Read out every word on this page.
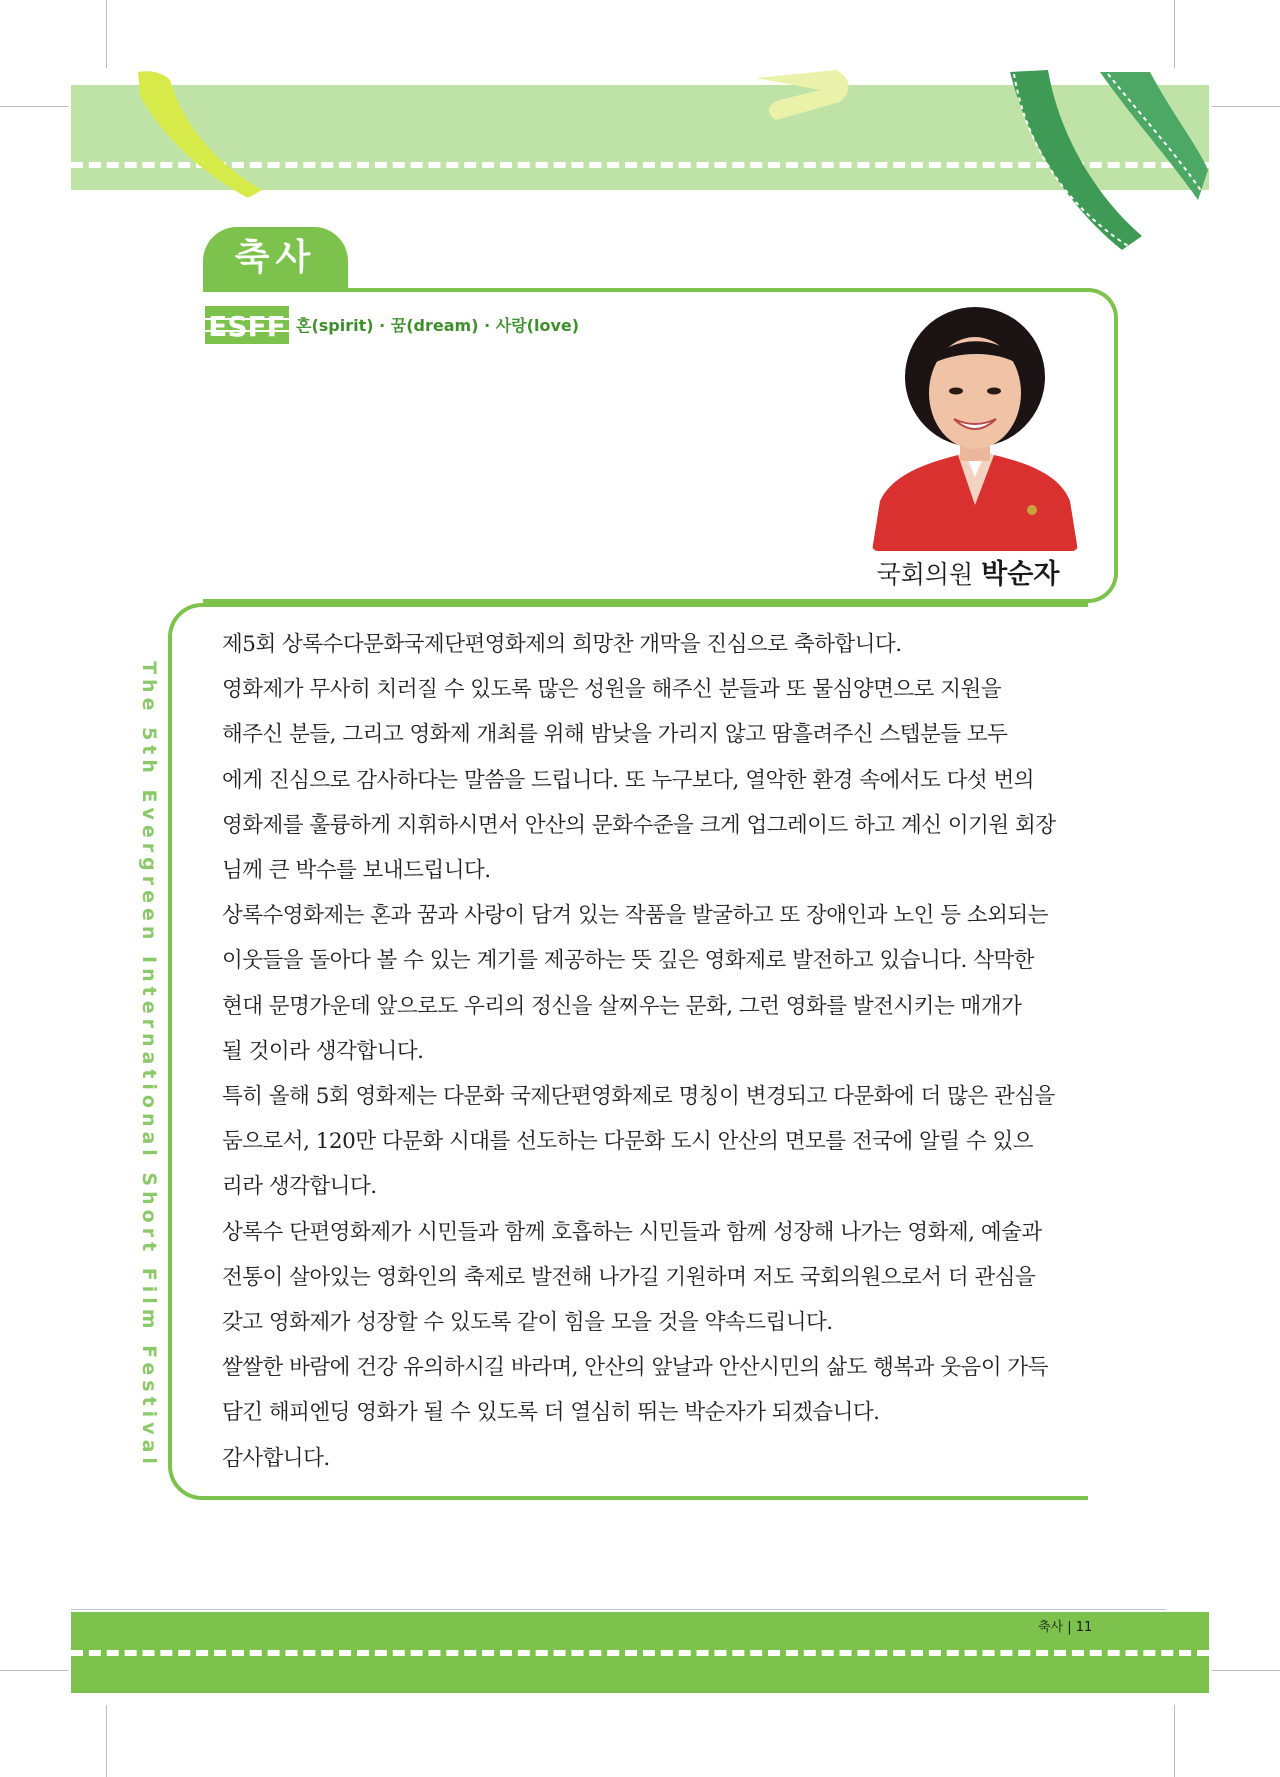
축사
ESFF 혼(spirit) · 꿈(dream) · 사랑(love)
국회의원 박순자

제5회 상록수다문화국제단편영화제의 희망찬 개막을 진심으로 축하합니다.

영화제가 무사히 치러질 수 있도록 많은 성원을 해주신 분들과 또 물심양면으로 지원을

해주신 분들, 그리고 영화제 개최를 위해 밤낮을 가리지 않고 땀흘려주신 스텝분들 모두

에게 진심으로 감사하다는 말씀을 드립니다. 또 누구보다, 열악한 환경 속에서도 다섯 번의

영화제를 훌륭하게 지휘하시면서 안산의 문화수준을 크게 업그레이드 하고 계신 이기원 회장

님께 큰 박수를 보내드립니다.

상록수영화제는 혼과 꿈과 사랑이 담겨 있는 작품을 발굴하고 또 장애인과 노인 등 소외되는

이웃들을 돌아다 볼 수 있는 계기를 제공하는 뜻 깊은 영화제로 발전하고 있습니다. 삭막한

현대 문명가운데 앞으로도 우리의 정신을 살찌우는 문화, 그런 영화를 발전시키는 매개가

될 것이라 생각합니다.

특히 올해 5회 영화제는 다문화 국제단편영화제로 명칭이 변경되고 다문화에 더 많은 관심을

둠으로서, 120만 다문화 시대를 선도하는 다문화 도시 안산의 면모를 전국에 알릴 수 있으

리라 생각합니다.

상록수 단편영화제가 시민들과 함께 호흡하는 시민들과 함께 성장해 나가는 영화제, 예술과

전통이 살아있는 영화인의 축제로 발전해 나가길 기원하며 저도 국회의원으로서 더 관심을

갖고 영화제가 성장할 수 있도록 같이 힘을 모을 것을 약속드립니다.

쌀쌀한 바람에 건강 유의하시길 바라며, 안산의 앞날과 안산시민의 삶도 행복과 웃음이 가득

담긴 해피엔딩 영화가 될 수 있도록 더 열심히 뛰는 박순자가 되겠습니다.

감사합니다.

The 5th Evergreen International Short Film Festival
축사 | 11
